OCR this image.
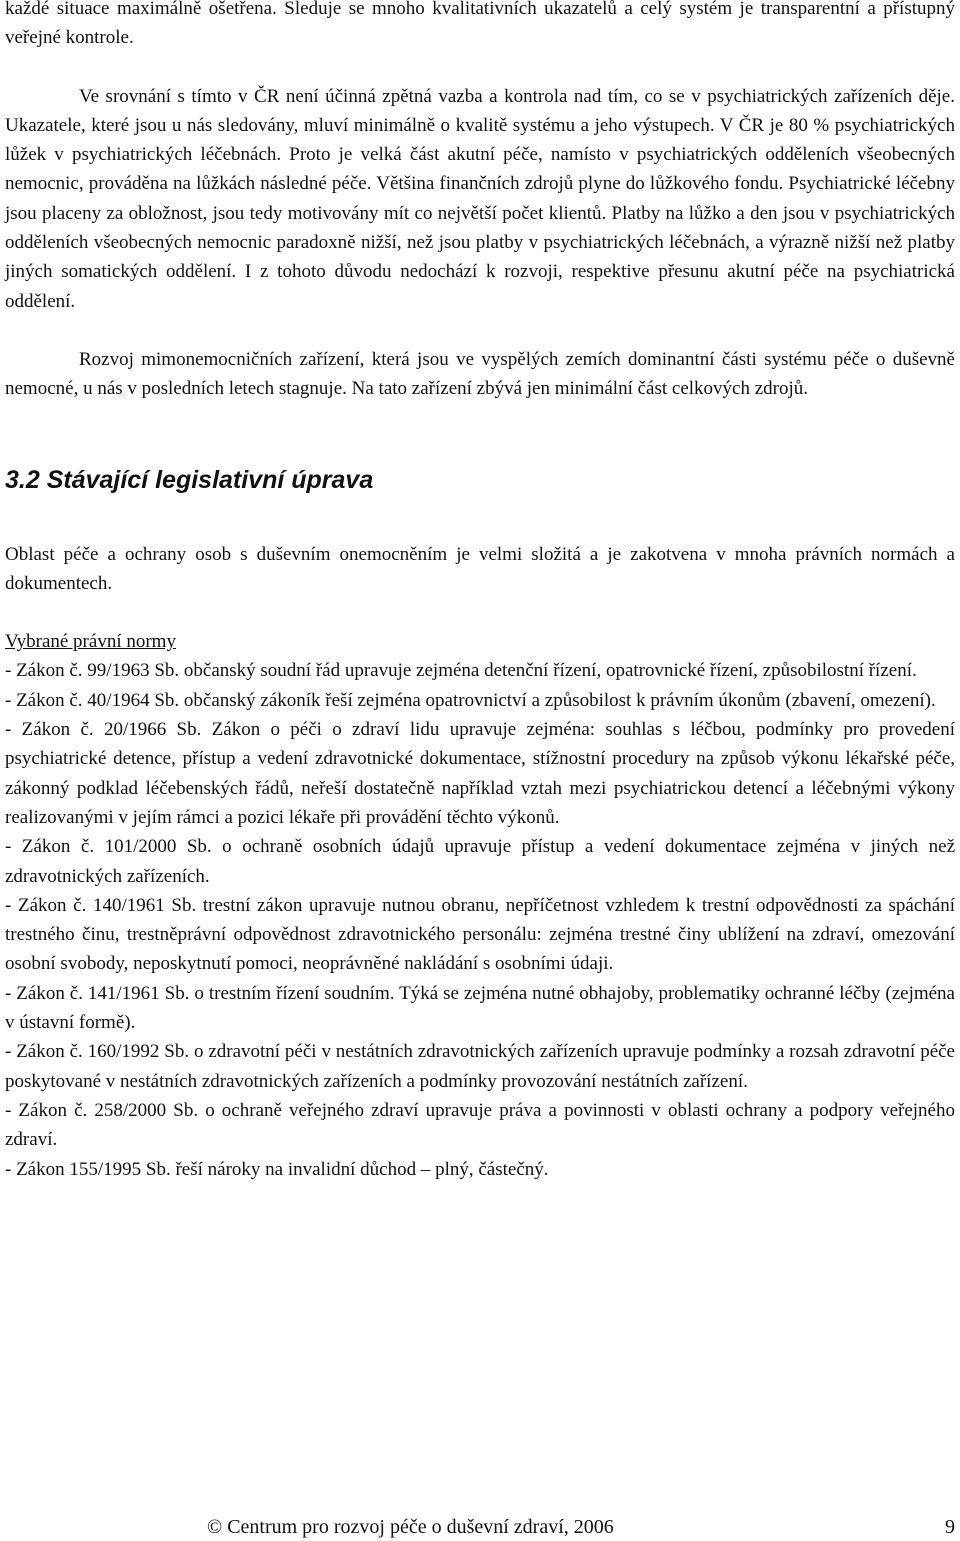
každé situace maximálně ošetřena. Sleduje se mnoho kvalitativních ukazatelů a celý systém je transparentní a přístupný veřejné kontrole.

Ve srovnání s tímto v ČR není účinná zpětná vazba a kontrola nad tím, co se v psychiatrických zařízeních děje. Ukazatele, které jsou u nás sledovány, mluví minimálně o kvalitě systému a jeho výstupech. V ČR je 80 % psychiatrických lůžek v psychiatrických léčebnách. Proto je velká část akutní péče, namísto v psychiatrických odděleních všeobecných nemocnic, prováděna na lůžkách následné péče. Většina finančních zdrojů plyne do lůžkového fondu. Psychiatrické léčebny jsou placeny za obložnost, jsou tedy motivovány mít co největší počet klientů. Platby na lůžko a den jsou v psychiatrických odděleních všeobecných nemocnic paradoxně nižší, než jsou platby v psychiatrických léčebnách, a výrazně nižší než platby jiných somatických oddělení. I z tohoto důvodu nedochází k rozvoji, respektive přesunu akutní péče na psychiatrická oddělení.

Rozvoj mimonemocničních zařízení, která jsou ve vyspělých zemích dominantní části systému péče o duševně nemocné, u nás v posledních letech stagnuje. Na tato zařízení zbývá jen minimální část celkových zdrojů.

3.2 Stávající legislativní úprava

Oblast péče a ochrany osob s duševním onemocněním je velmi složitá a je zakotvena v mnoha právních normách a dokumentech.

Vybrané právní normy

- Zákon č. 99/1963 Sb. občanský soudní řád upravuje zejména detenční řízení, opatrovnické řízení, způsobilostní řízení.

- Zákon č. 40/1964 Sb. občanský zákoník řeší zejména opatrovnictví a způsobilost k právním úkonům (zbavení, omezení).

- Zákon č. 20/1966 Sb. Zákon o péči o zdraví lidu upravuje zejména: souhlas s léčbou, podmínky pro provedení psychiatrické detence, přístup a vedení zdravotnické dokumentace, stížnostní procedury na způsob výkonu lékařské péče, zákonný podklad léčebenských řádů, neřeší dostatečně například vztah mezi psychiatrickou detencí a léčebnými výkony realizovanými v jejím rámci a pozici lékaře při provádění těchto výkonů.

- Zákon č. 101/2000 Sb. o ochraně osobních údajů upravuje přístup a vedení dokumentace zejména v jiných než zdravotnických zařízeních.

- Zákon č. 140/1961 Sb. trestní zákon upravuje nutnou obranu, nepříčetnost vzhledem k trestní odpovědnosti za spáchání trestného činu, trestněprávní odpovědnost zdravotnického personálu: zejména trestné činy ublížení na zdraví, omezování osobní svobody, neposkytnutí pomoci, neoprávněné nakládání s osobními údaji.

- Zákon č. 141/1961 Sb. o trestním řízení soudním. Týká se zejména nutné obhajoby, problematiky ochranné léčby (zejména v ústavní formě).

- Zákon č. 160/1992 Sb. o zdravotní péči v nestátních zdravotnických zařízeních upravuje podmínky a rozsah zdravotní péče poskytované v nestátních zdravotnických zařízeních a podmínky provozování nestátních zařízení.

- Zákon č. 258/2000 Sb. o ochraně veřejného zdraví upravuje práva a povinnosti v oblasti ochrany a podpory veřejného zdraví.

- Zákon 155/1995 Sb. řeší nároky na invalidní důchod – plný, částečný.

© Centrum pro rozvoj péče o duševní zdraví, 2006	9
